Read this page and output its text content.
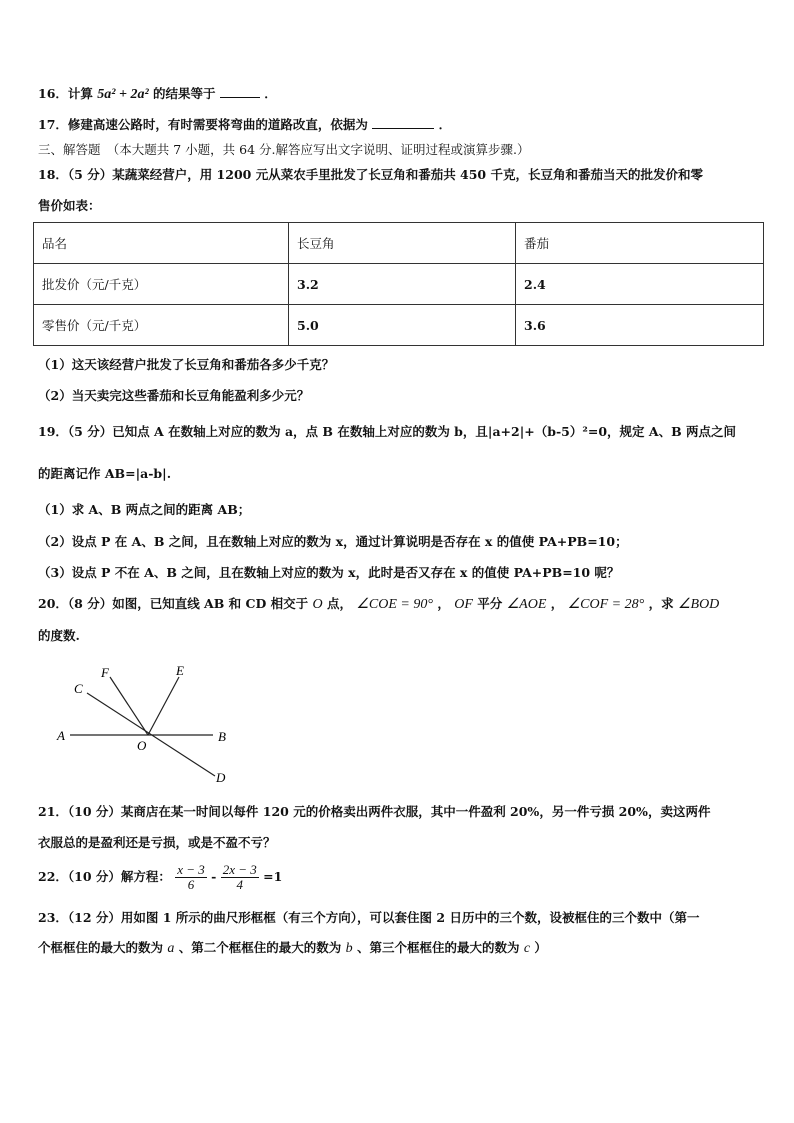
16．计算 5a² + 2a² 的结果等于	．
17．修建高速公路时，有时需要将弯曲的道路改直，依据为	．
三、解答题　（本大题共 7 小题，共 64 分.解答应写出文字说明、证明过程或演算步骤.）
18．（5 分）某蔬菜经营户，用 1200 元从菜农手里批发了长豆角和番茄共 450 千克，长豆角和番茄当天的批发价和零
售价如表：
品名	长豆角	番茄
批发价（元/千克）	3.2	2.4
零售价（元/千克）	5.0	3.6
（1）这天该经营户批发了长豆角和番茄各多少千克？
（2）当天卖完这些番茄和长豆角能盈利多少元？
19．（5 分）已知点 A 在数轴上对应的数为 a，点 B 在数轴上对应的数为 b，且|a+2|+（b-5）²=0，规定 A、B 两点之间
的距离记作 AB=|a-b|.
（1）求 A、B 两点之间的距离 AB；
（2）设点 P 在 A、B 之间，且在数轴上对应的数为 x，通过计算说明是否存在 x 的值使 PA+PB=10；
（3）设点 P 不在 A、B 之间，且在数轴上对应的数为 x，此时是否又存在 x 的值使 PA+PB=10 呢？
20．（8 分）如图，已知直线 AB 和 CD 相交于 O 点， ∠COE = 90° ， OF 平分 ∠AOE ， ∠COF = 28° ，求 ∠BOD
的度数.
A	B
C
D
E
F
O
21．（10 分）某商店在某一时间以每件 120 元的价格卖出两件衣服，其中一件盈利 20%，另一件亏损 20%，卖这两件
衣服总的是盈利还是亏损，或是不盈不亏？
22．（10 分）解方程： $\frac{x - 3}{6} - \frac{2x - 3}{4} =1$
23．（12 分）用如图 1 所示的曲尺形框框（有三个方向），可以套住图 2 日历中的三个数，设被框住的三个数中（第一
个框框住的最大的数为 a 、第二个框框住的最大的数为 b 、第三个框框住的最大的数为 c ）
